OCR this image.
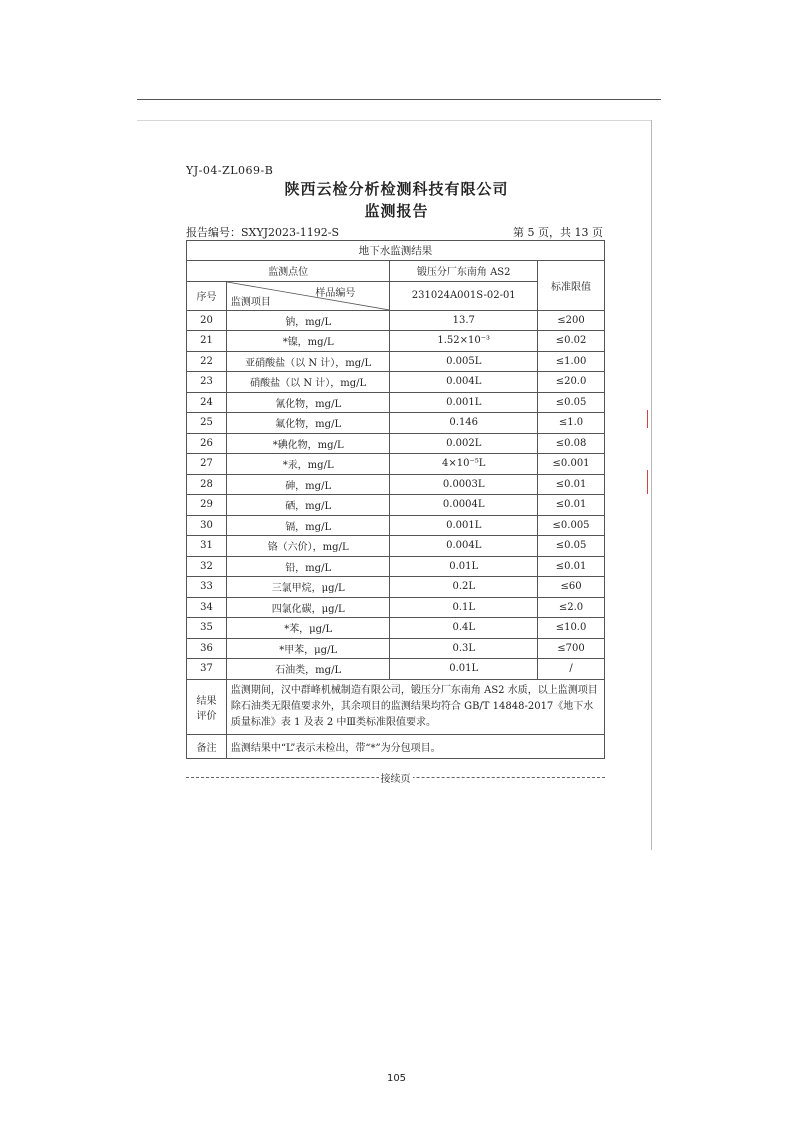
YJ-04-ZL069-B
陕西云检分析检测科技有限公司
监测报告
报告编号：SXYJ2023-1192-S	第 5 页，共 13 页
地下水监测结果			
监测点位		锻压分厂东南角 AS2	标准限值
序号	样品编号
监测项目	231024A001S-02-01	
20	钠，mg/L	13.7	≤200
21	*镍，mg/L	1.52×10⁻³	≤0.02
22	亚硝酸盐（以 N 计），mg/L	0.005L	≤1.00
23	硝酸盐（以 N 计），mg/L	0.004L	≤20.0
24	氰化物，mg/L	0.001L	≤0.05
25	氟化物，mg/L	0.146	≤1.0
26	*碘化物，mg/L	0.002L	≤0.08
27	*汞，mg/L	4×10⁻⁵L	≤0.001
28	砷，mg/L	0.0003L	≤0.01
29	硒，mg/L	0.0004L	≤0.01
30	镉，mg/L	0.001L	≤0.005
31	铬（六价），mg/L	0.004L	≤0.05
32	铅，mg/L	0.01L	≤0.01
33	三氯甲烷，μg/L	0.2L	≤60
34	四氯化碳，μg/L	0.1L	≤2.0
35	*苯，μg/L	0.4L	≤10.0
36	*甲苯，μg/L	0.3L	≤700
37	石油类，mg/L	0.01L	/
结果评价	监测期间，汉中群峰机械制造有限公司，锻压分厂东南角 AS2 水质，以上监测项目除石油类无限值要求外，其余项目的监测结果均符合 GB/T 14848-2017《地下水质量标准》表 1 及表 2 中Ⅲ类标准限值要求。		
备注	监测结果中“L”表示未检出，带“*”为分包项目。		
接续页
105
